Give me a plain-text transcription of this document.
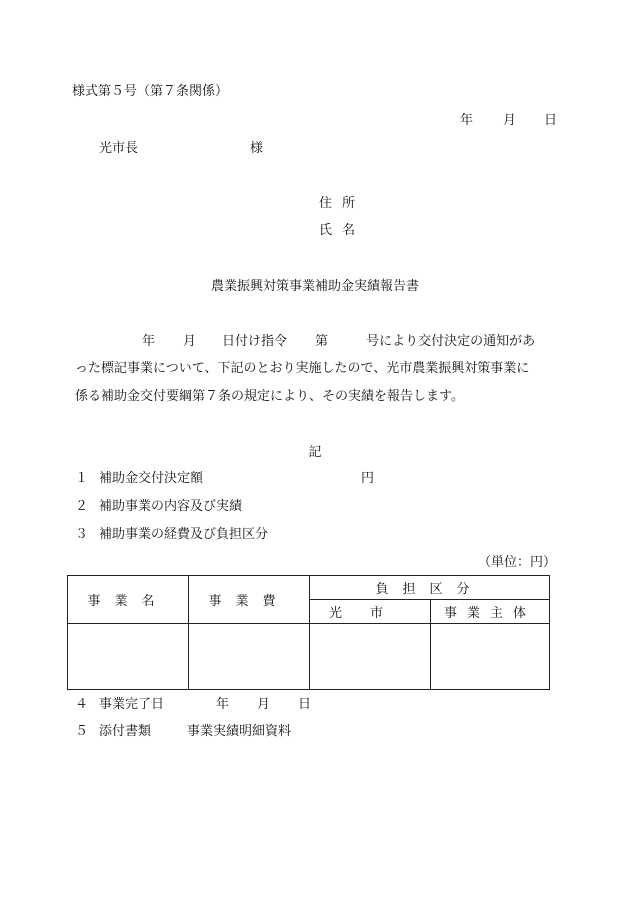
様式第５号（第７条関係）
年 月 日
光市長	様
住所
氏名
農業振興対策事業補助金実績報告書
年 月 日付け指令 第	号により交付決定の通知があ
った標記事業について、下記のとおり実施したので、光市農業振興対策事業に
係る補助金交付要綱第７条の規定により、その実績を報告します。
記
１ 補助金交付決定額	円
２ 補助事業の内容及び実績
３ 補助事業の経費及び負担区分
（単位：円）
事業名	事業費	負担区分	
		光市	事業主体

４ 事業完了日	年 月 日
５ 添付書類	事業実績明細資料
